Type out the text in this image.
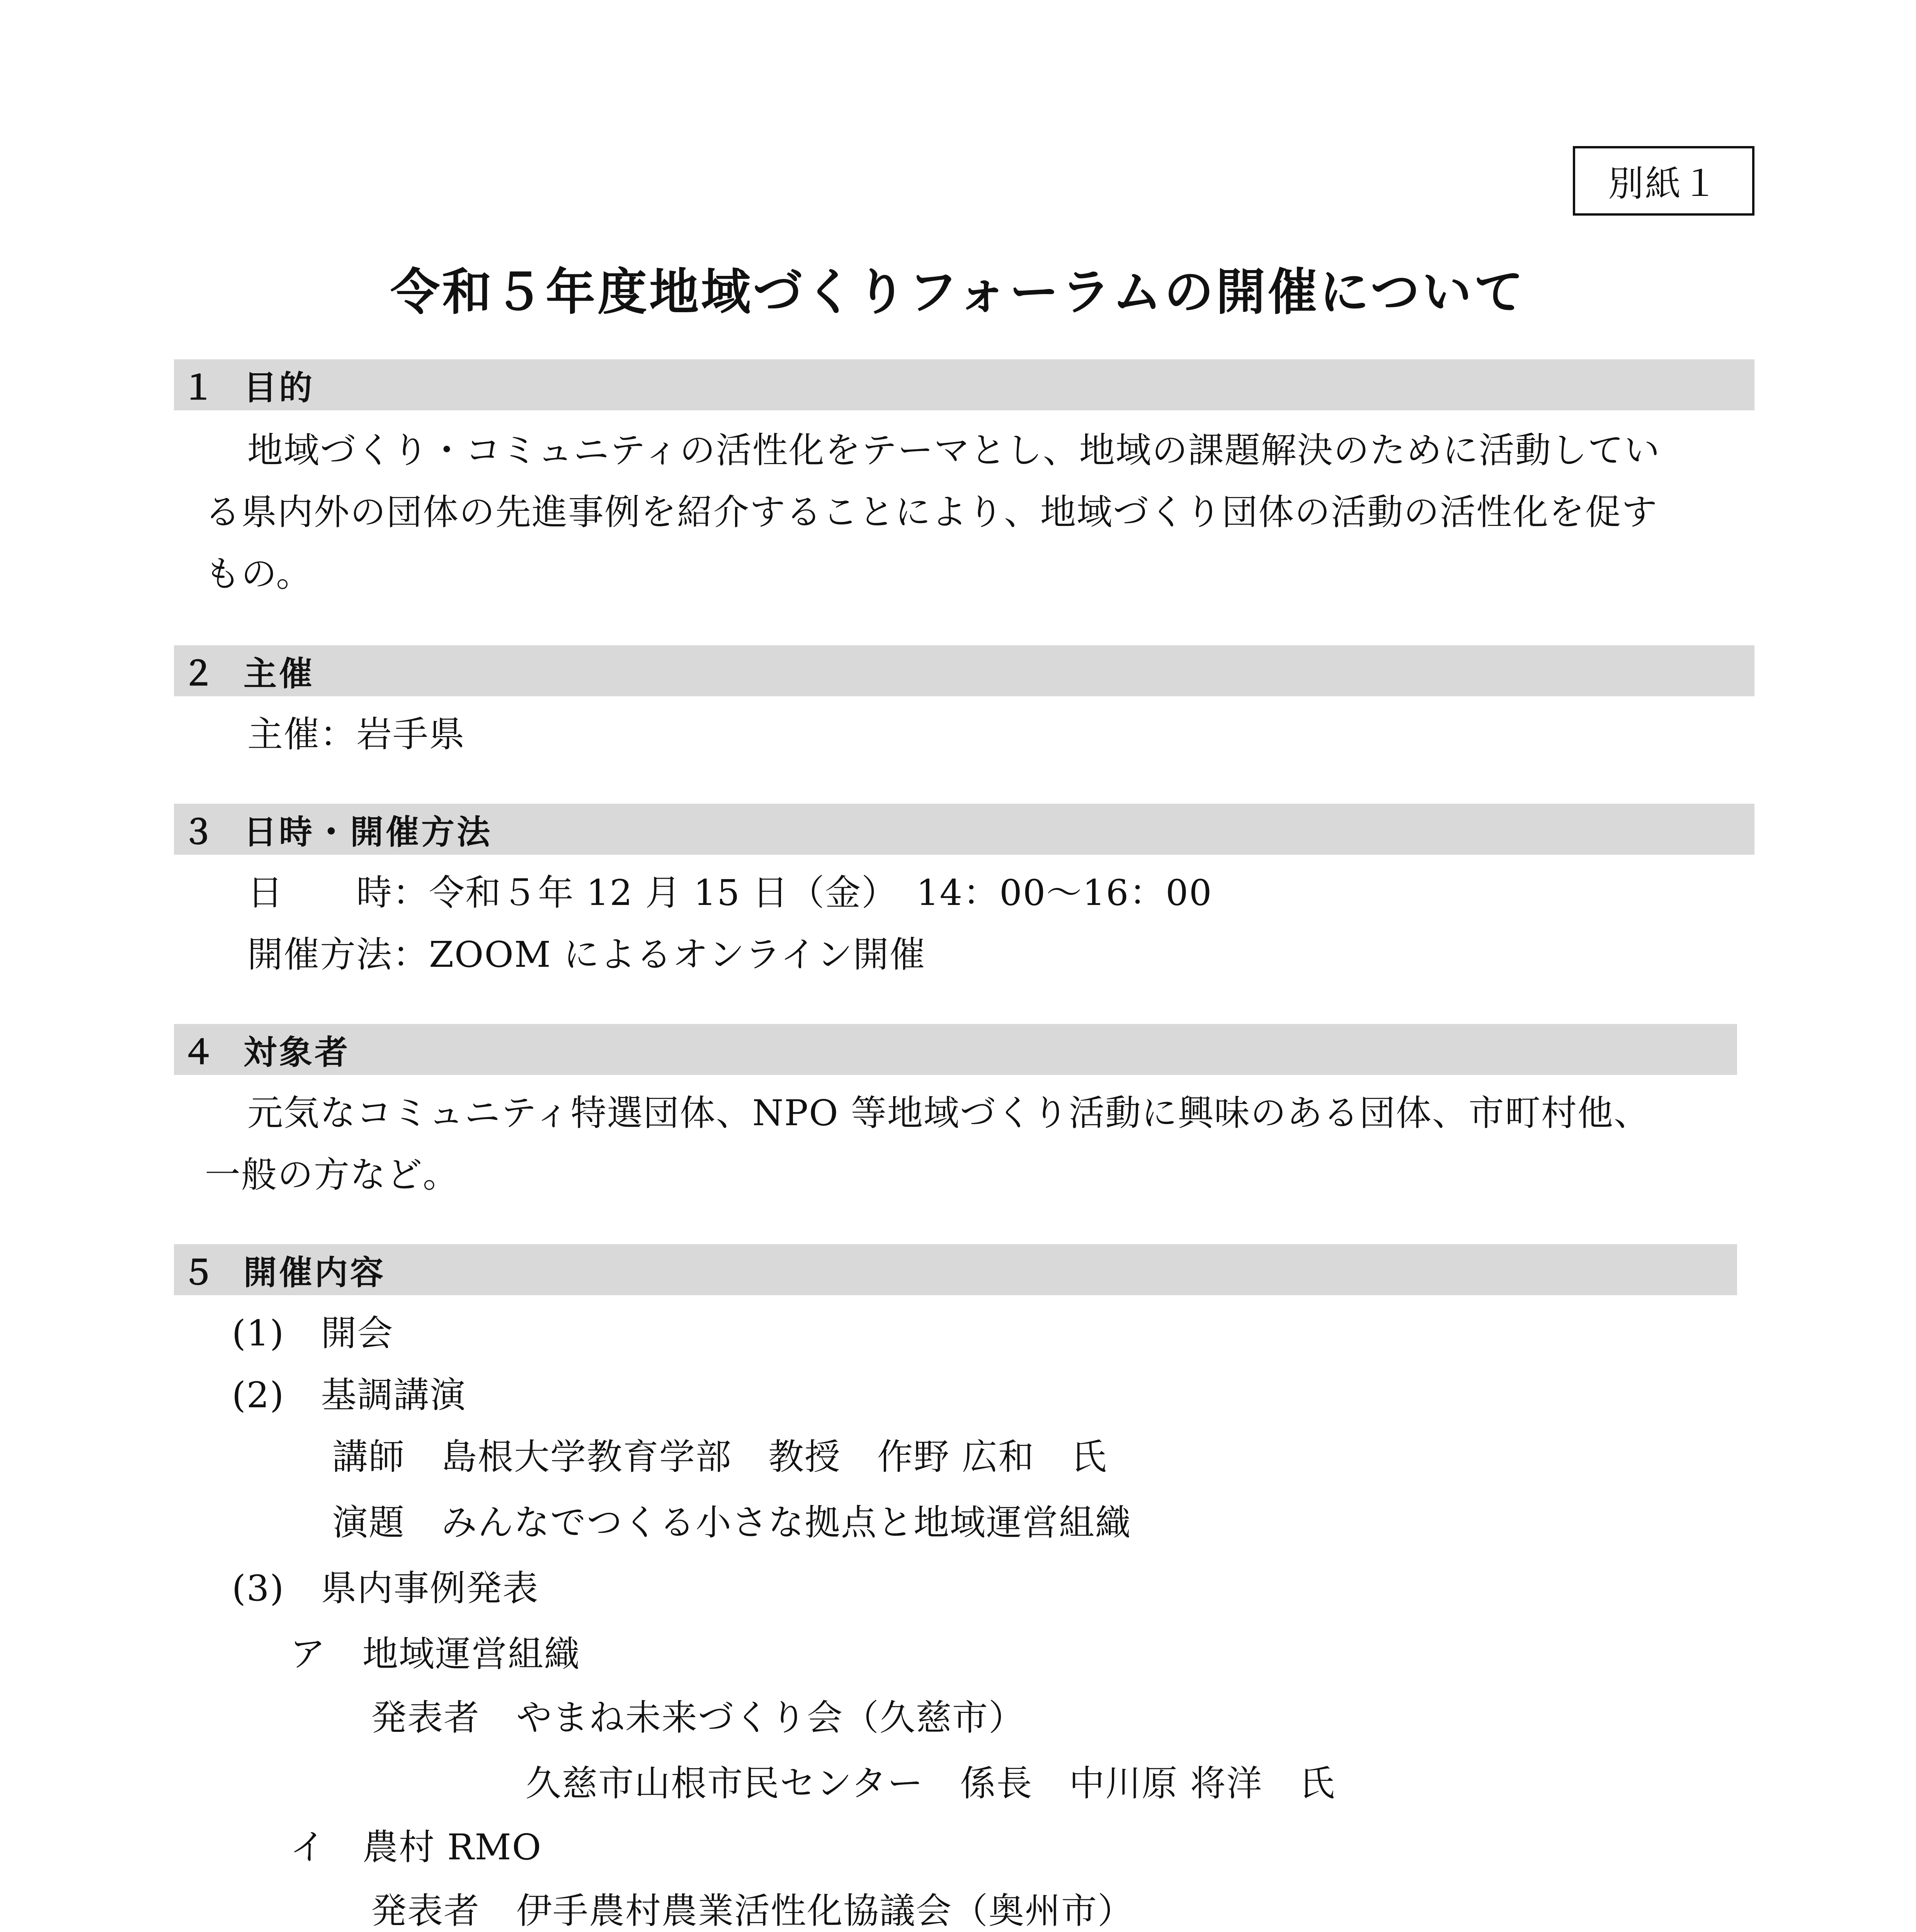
別紙１
令和５年度地域づくりフォーラムの開催について
１ 目的
地域づくり・コミュニティの活性化をテーマとし、地域の課題解決のために活動してい
る県内外の団体の先進事例を紹介することにより、地域づくり団体の活動の活性化を促す
もの。
２ 主催
主催：岩手県
３ 日時・開催方法
日　　時：令和５年 12 月 15 日（金）　14：00～16：00
開催方法：ZOOM によるオンライン開催
４ 対象者
元気なコミュニティ特選団体、NPO 等地域づくり活動に興味のある団体、市町村他、
一般の方など。
５ 開催内容
(1)　開会
(2)　基調講演
講師　島根大学教育学部　教授　作野 広和　氏
演題　みんなでつくる小さな拠点と地域運営組織
(3)　県内事例発表
ア　地域運営組織
発表者　やまね未来づくり会（久慈市）
久慈市山根市民センター　係長　中川原 将洋　氏
イ　農村 RMO
発表者　伊手農村農業活性化協議会（奥州市）
